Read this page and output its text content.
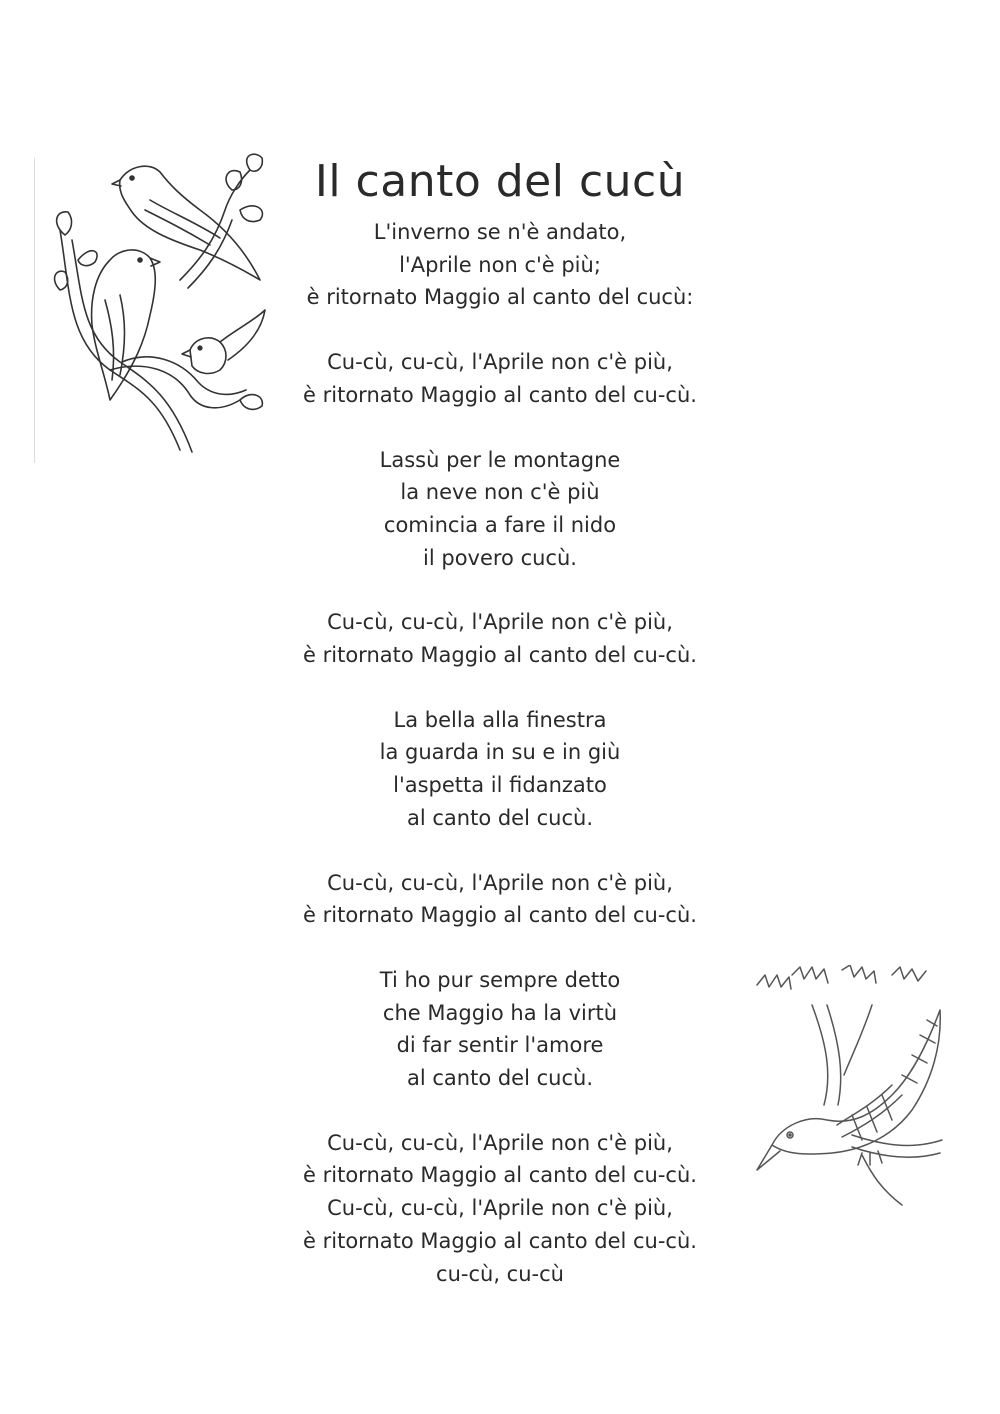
Il canto del cucù
L'inverno se n'è andato,
l'Aprile non c'è più;
è ritornato Maggio al canto del cucù:
Cu-cù, cu-cù, l'Aprile non c'è più,
è ritornato Maggio al canto del cu-cù.
Lassù per le montagne
la neve non c'è più
comincia a fare il nido
il povero cucù.
Cu-cù, cu-cù, l'Aprile non c'è più,
è ritornato Maggio al canto del cu-cù.
La bella alla finestra
la guarda in su e in giù
l'aspetta il fidanzato
al canto del cucù.
Cu-cù, cu-cù, l'Aprile non c'è più,
è ritornato Maggio al canto del cu-cù.
Ti ho pur sempre detto
che Maggio ha la virtù
di far sentir l'amore
al canto del cucù.
Cu-cù, cu-cù, l'Aprile non c'è più,
è ritornato Maggio al canto del cu-cù.
Cu-cù, cu-cù, l'Aprile non c'è più,
è ritornato Maggio al canto del cu-cù.
cu-cù, cu-cù
